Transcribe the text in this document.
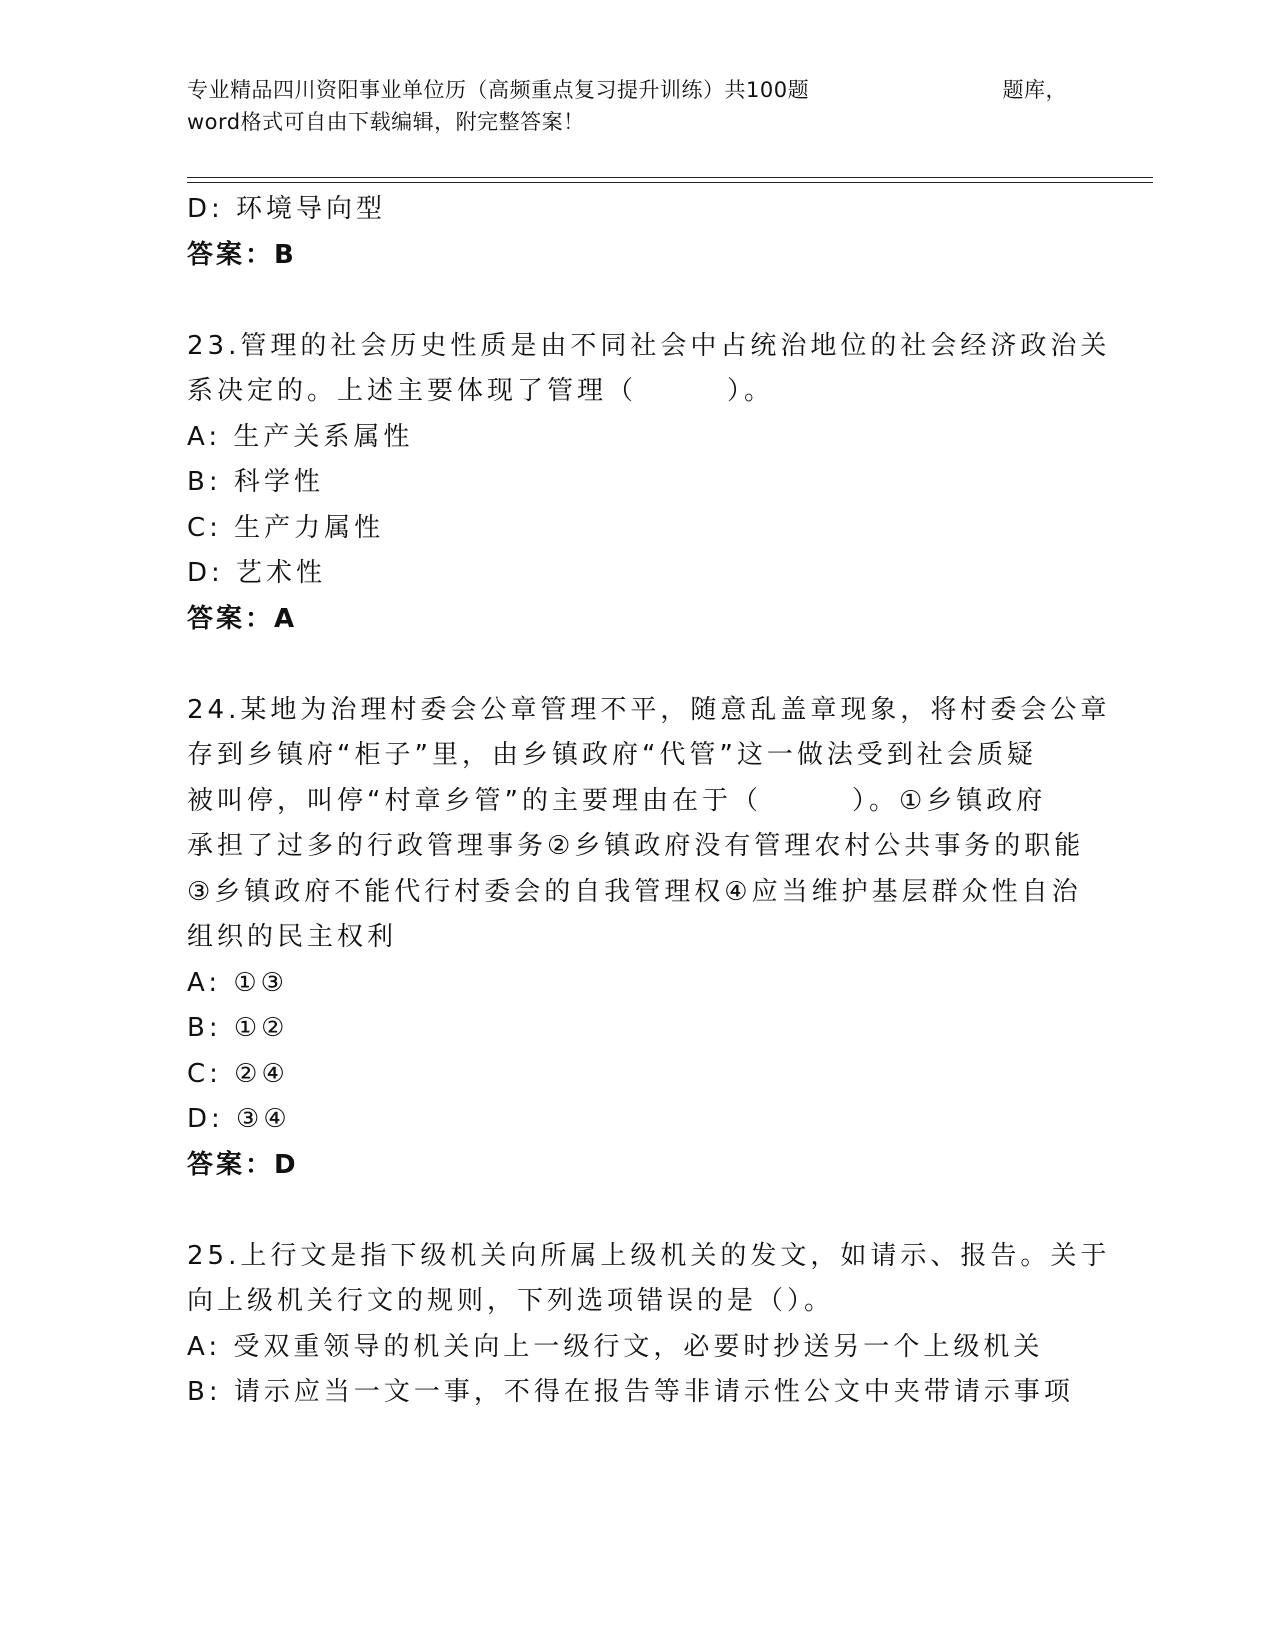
专业精品四川资阳事业单位历（高频重点复习提升训练）共100题	题库，
word格式可自由下载编辑，附完整答案！
D: 环境导向型
答案：B
23.管理的社会历史性质是由不同社会中占统治地位的社会经济政治关
系决定的。上述主要体现了管理（　　　）。
A: 生产关系属性
B: 科学性
C: 生产力属性
D: 艺术性
答案：A
24.某地为治理村委会公章管理不平，随意乱盖章现象，将村委会公章
存到乡镇府“柜子”里，由乡镇政府“代管”这一做法受到社会质疑
被叫停，叫停“村章乡管”的主要理由在于（　　　）。①乡镇政府
承担了过多的行政管理事务②乡镇政府没有管理农村公共事务的职能
③乡镇政府不能代行村委会的自我管理权④应当维护基层群众性自治
组织的民主权利
A: ①③
B: ①②
C: ②④
D: ③④
答案：D
25.上行文是指下级机关向所属上级机关的发文，如请示、报告。关于
向上级机关行文的规则，下列选项错误的是（）。
A: 受双重领导的机关向上一级行文，必要时抄送另一个上级机关
B: 请示应当一文一事，不得在报告等非请示性公文中夹带请示事项
